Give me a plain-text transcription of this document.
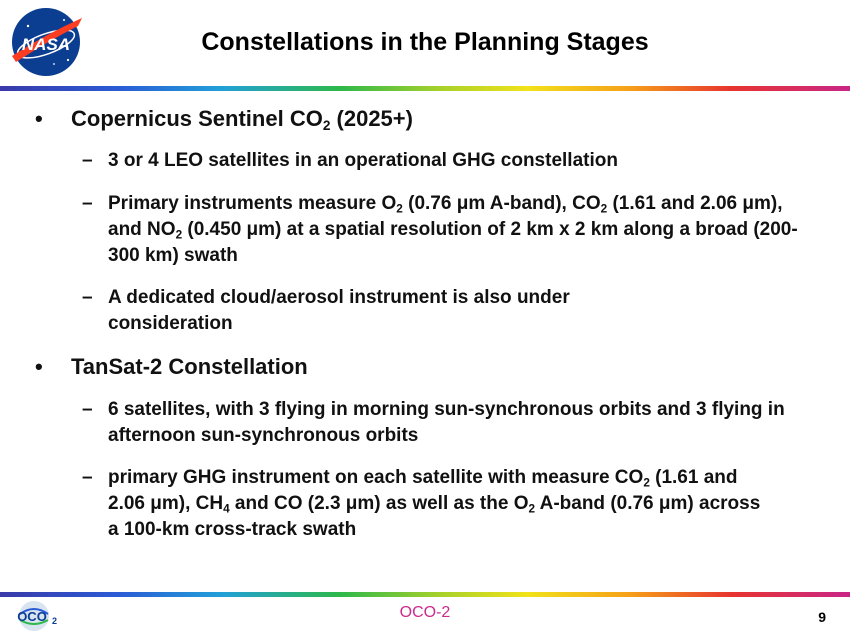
NASA	Constellations in the Planning Stages
•	Copernicus Sentinel $CO_2$ (2025+)
– 3 or 4 LEO satellites in an operational GHG constellation
– Primary instruments measure $O_2$ (0.76 μm A-band), $CO_2$ (1.61 and 2.06 μm), and $NO_2$ (0.450 μm) at a spatial resolution of 2 km x 2 km along a broad (200-300 km) swath
– A dedicated cloud/aerosol instrument is also under consideration
•	TanSat-2 Constellation
– 6 satellites, with 3 flying in morning sun-synchronous orbits and 3 flying in afternoon sun-synchronous orbits
– primary GHG instrument on each satellite with measure $CO_2$ (1.61 and 2.06 μm), $CH_4$ and CO (2.3 μm) as well as the $O_2$ A-band (0.76 μm) across a 100-km cross-track swath
OCO 2	OCO-2	9
